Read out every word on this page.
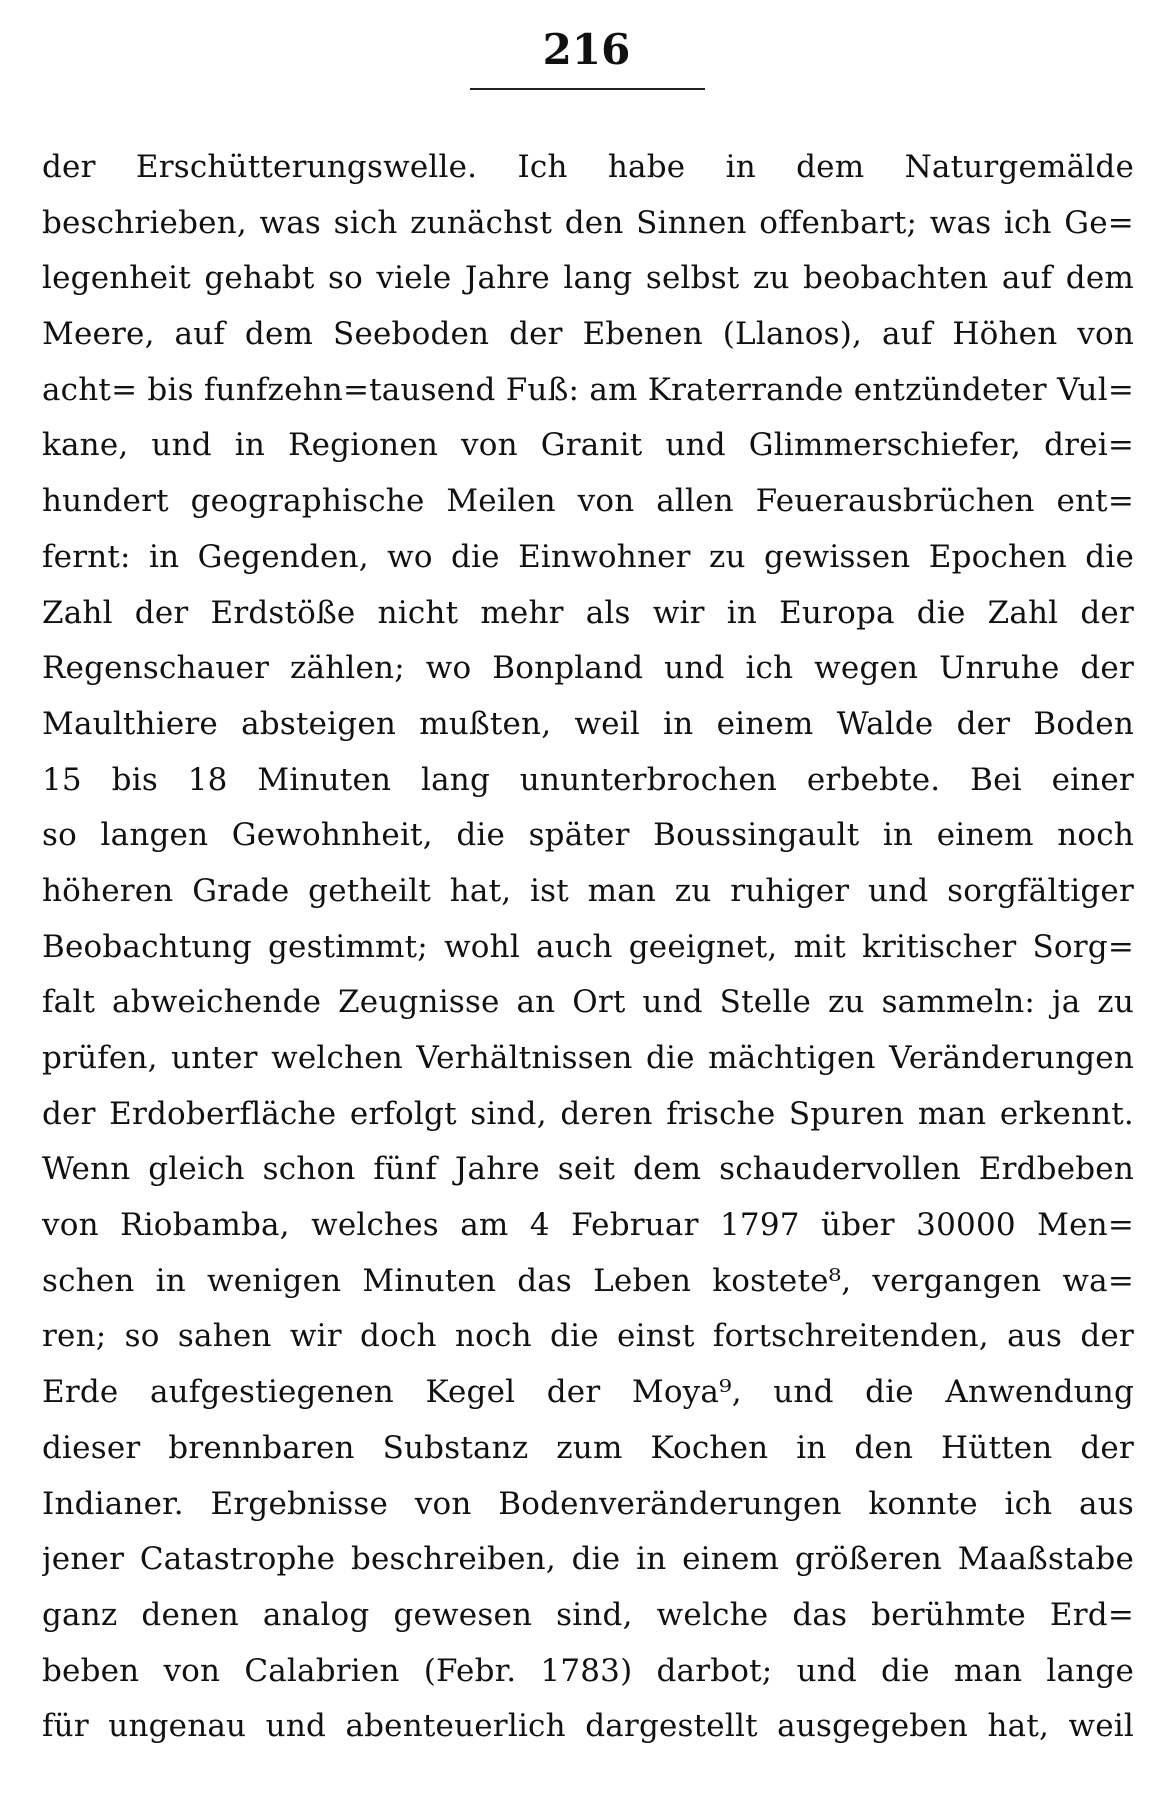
216
der Erschütterungswelle. Ich habe in dem Naturgemälde
beschrieben, was sich zunächst den Sinnen offenbart; was ich Ge=
legenheit gehabt so viele Jahre lang selbst zu beobachten auf dem
Meere, auf dem Seeboden der Ebenen (Llanos), auf Höhen von
acht= bis funfzehn=tausend Fuß: am Kraterrande entzündeter Vul=
kane, und in Regionen von Granit und Glimmerschiefer, drei=
hundert geographische Meilen von allen Feuerausbrüchen ent=
fernt: in Gegenden, wo die Einwohner zu gewissen Epochen die
Zahl der Erdstöße nicht mehr als wir in Europa die Zahl der
Regenschauer zählen; wo Bonpland und ich wegen Unruhe der
Maulthiere absteigen mußten, weil in einem Walde der Boden
15 bis 18 Minuten lang ununterbrochen erbebte. Bei einer
so langen Gewohnheit, die später Boussingault in einem noch
höheren Grade getheilt hat, ist man zu ruhiger und sorgfältiger
Beobachtung gestimmt; wohl auch geeignet, mit kritischer Sorg=
falt abweichende Zeugnisse an Ort und Stelle zu sammeln: ja zu
prüfen, unter welchen Verhältnissen die mächtigen Veränderungen
der Erdoberfläche erfolgt sind, deren frische Spuren man erkennt.
Wenn gleich schon fünf Jahre seit dem schaudervollen Erdbeben
von Riobamba, welches am 4 Februar 1797 über 30000 Men=
schen in wenigen Minuten das Leben kostete⁸, vergangen wa=
ren; so sahen wir doch noch die einst fortschreitenden, aus der
Erde aufgestiegenen Kegel der Moya⁹, und die Anwendung
dieser brennbaren Substanz zum Kochen in den Hütten der
Indianer. Ergebnisse von Bodenveränderungen konnte ich aus
jener Catastrophe beschreiben, die in einem größeren Maaßstabe
ganz denen analog gewesen sind, welche das berühmte Erd=
beben von Calabrien (Febr. 1783) darbot; und die man lange
für ungenau und abenteuerlich dargestellt ausgegeben hat, weil
